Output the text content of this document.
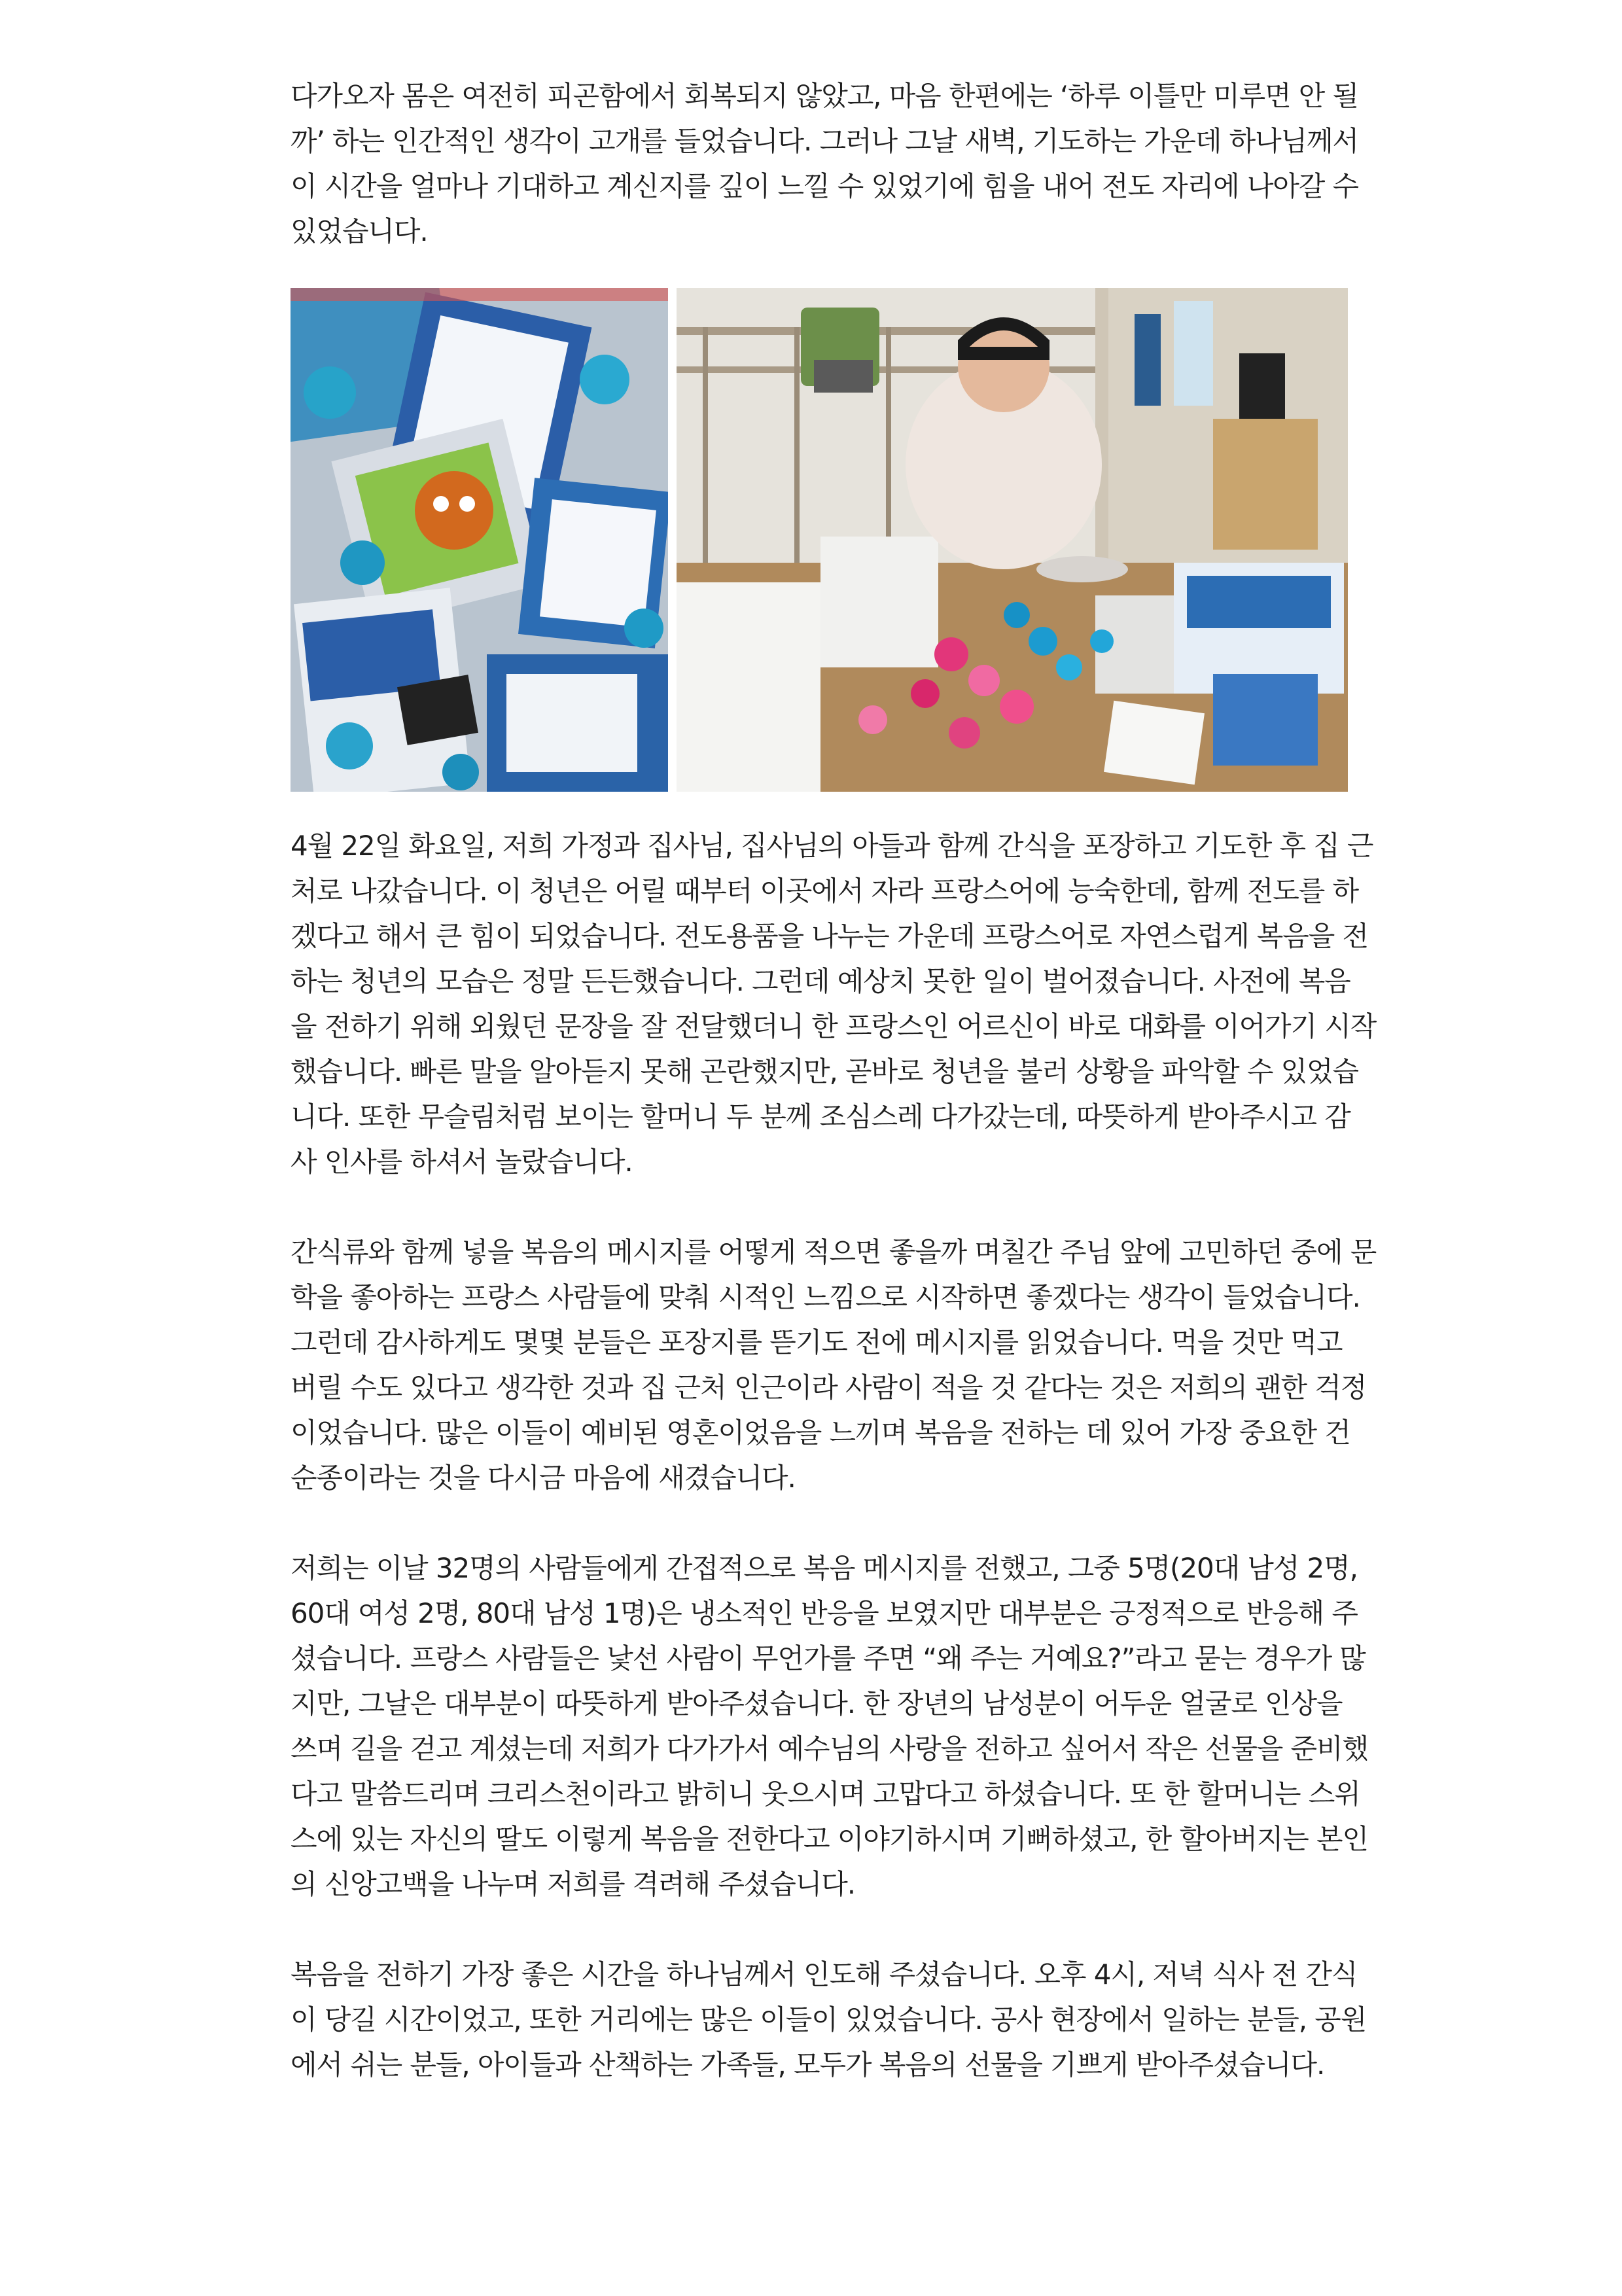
다가오자 몸은 여전히 피곤함에서 회복되지 않았고, 마음 한편에는 ‘하루 이틀만 미루면 안 될
까’ 하는 인간적인 생각이 고개를 들었습니다. 그러나 그날 새벽, 기도하는 가운데 하나님께서
이 시간을 얼마나 기대하고 계신지를 깊이 느낄 수 있었기에 힘을 내어 전도 자리에 나아갈 수
있었습니다.

4월 22일 화요일, 저희 가정과 집사님, 집사님의 아들과 함께 간식을 포장하고 기도한 후 집 근
처로 나갔습니다. 이 청년은 어릴 때부터 이곳에서 자라 프랑스어에 능숙한데, 함께 전도를 하
겠다고 해서 큰 힘이 되었습니다. 전도용품을 나누는 가운데 프랑스어로 자연스럽게 복음을 전
하는 청년의 모습은 정말 든든했습니다. 그런데 예상치 못한 일이 벌어졌습니다. 사전에 복음
을 전하기 위해 외웠던 문장을 잘 전달했더니 한 프랑스인 어르신이 바로 대화를 이어가기 시작
했습니다. 빠른 말을 알아듣지 못해 곤란했지만, 곧바로 청년을 불러 상황을 파악할 수 있었습
니다. 또한 무슬림처럼 보이는 할머니 두 분께 조심스레 다가갔는데, 따뜻하게 받아주시고 감
사 인사를 하셔서 놀랐습니다.

간식류와 함께 넣을 복음의 메시지를 어떻게 적으면 좋을까 며칠간 주님 앞에 고민하던 중에 문
학을 좋아하는 프랑스 사람들에 맞춰 시적인 느낌으로 시작하면 좋겠다는 생각이 들었습니다.
그런데 감사하게도 몇몇 분들은 포장지를 뜯기도 전에 메시지를 읽었습니다. 먹을 것만 먹고
버릴 수도 있다고 생각한 것과 집 근처 인근이라 사람이 적을 것 같다는 것은 저희의 괜한 걱정
이었습니다. 많은 이들이 예비된 영혼이었음을 느끼며 복음을 전하는 데 있어 가장 중요한 건
순종이라는 것을 다시금 마음에 새겼습니다.

저희는 이날 32명의 사람들에게 간접적으로 복음 메시지를 전했고, 그중 5명(20대 남성 2명,
60대 여성 2명, 80대 남성 1명)은 냉소적인 반응을 보였지만 대부분은 긍정적으로 반응해 주
셨습니다. 프랑스 사람들은 낯선 사람이 무언가를 주면 “왜 주는 거예요?”라고 묻는 경우가 많
지만, 그날은 대부분이 따뜻하게 받아주셨습니다. 한 장년의 남성분이 어두운 얼굴로 인상을
쓰며 길을 걷고 계셨는데 저희가 다가가서 예수님의 사랑을 전하고 싶어서 작은 선물을 준비했
다고 말씀드리며 크리스천이라고 밝히니 웃으시며 고맙다고 하셨습니다. 또 한 할머니는 스위
스에 있는 자신의 딸도 이렇게 복음을 전한다고 이야기하시며 기뻐하셨고, 한 할아버지는 본인
의 신앙고백을 나누며 저희를 격려해 주셨습니다.

복음을 전하기 가장 좋은 시간을 하나님께서 인도해 주셨습니다. 오후 4시, 저녁 식사 전 간식
이 당길 시간이었고, 또한 거리에는 많은 이들이 있었습니다. 공사 현장에서 일하는 분들, 공원
에서 쉬는 분들, 아이들과 산책하는 가족들, 모두가 복음의 선물을 기쁘게 받아주셨습니다.
